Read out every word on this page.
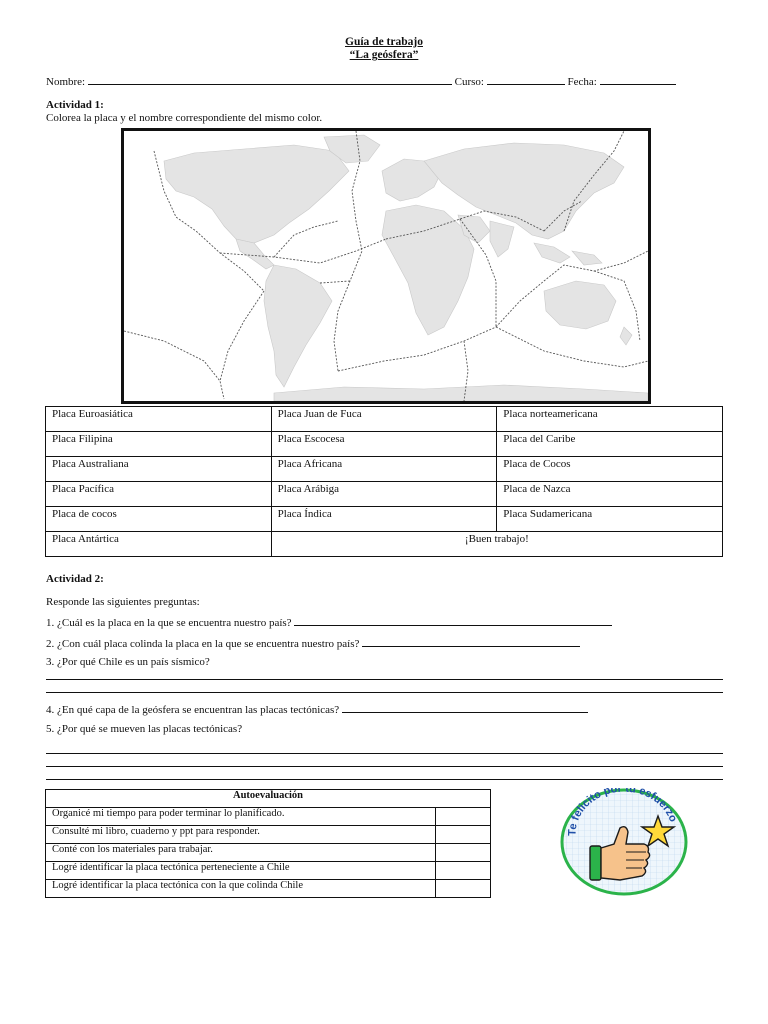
Guía de trabajo
“La geósfera”
Nombre:	Curso:	Fecha:
Actividad 1:
Colorea la placa y el nombre correspondiente del mismo color.
Placa Euroasiática	Placa Juan de Fuca	Placa norteamericana
Placa Filipina	Placa Escocesa	Placa del Caribe
Placa Australiana	Placa Africana	Placa de Cocos
Placa Pacífica	Placa Arábiga	Placa de Nazca
Placa de cocos	Placa Índica	Placa Sudamericana
Placa Antártica	¡Buen trabajo!	
Actividad 2:
Responde las siguientes preguntas:
1. ¿Cuál es la placa en la que se encuentra nuestro país?
2. ¿Con cuál placa colinda la placa en la que se encuentra nuestro país?
3. ¿Por qué Chile es un país sísmico?
4. ¿En qué capa de la geósfera se encuentran las placas tectónicas?
5. ¿Por qué se mueven las placas tectónicas?
Autoevaluación	
Organicé mi tiempo para poder terminar lo planificado.	
Consulté mi libro, cuaderno y ppt para responder.	
Conté con los materiales para trabajar.	
Logré identificar la placa tectónica perteneciente a Chile	
Logré identificar la placa tectónica con la que colinda Chile	
Te felicito por tu esfuerzo
